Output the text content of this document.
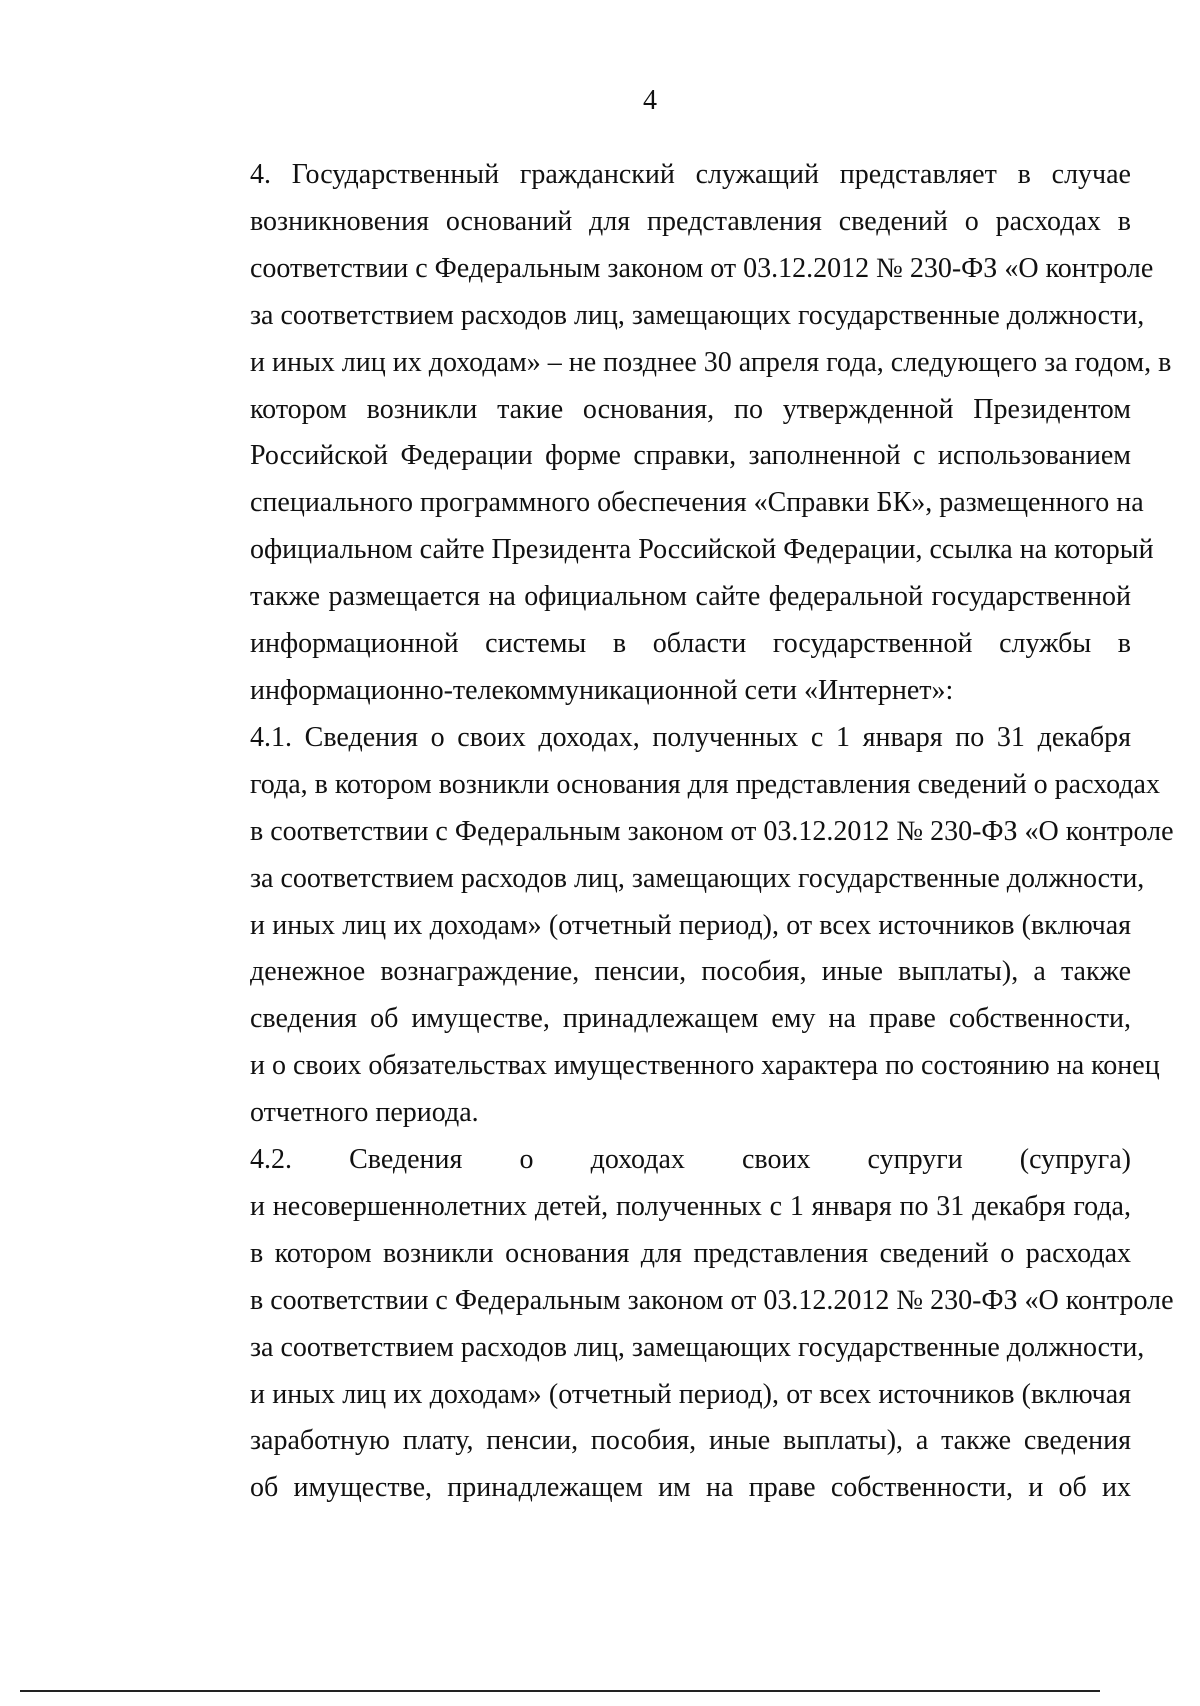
4

4. Государственный гражданский служащий представляет в случае
возникновения оснований для представления сведений о расходах в
соответствии с Федеральным законом от 03.12.2012 № 230-ФЗ «О контроле
за соответствием расходов лиц, замещающих государственные должности,
и иных лиц их доходам» – не позднее 30 апреля года, следующего за годом, в
котором возникли такие основания, по утвержденной Президентом
Российской Федерации форме справки, заполненной с использованием
специального программного обеспечения «Справки БК», размещенного на
официальном сайте Президента Российской Федерации, ссылка на который
также размещается на официальном сайте федеральной государственной
информационной системы в области государственной службы в
информационно-телекоммуникационной сети «Интернет»:

4.1. Сведения о своих доходах, полученных с 1 января по 31 декабря
года, в котором возникли основания для представления сведений о расходах
в соответствии с Федеральным законом от 03.12.2012 № 230-ФЗ «О контроле
за соответствием расходов лиц, замещающих государственные должности,
и иных лиц их доходам» (отчетный период), от всех источников (включая
денежное вознаграждение, пенсии, пособия, иные выплаты), а также
сведения об имуществе, принадлежащем ему на праве собственности,
и о своих обязательствах имущественного характера по состоянию на конец
отчетного периода.

4.2. Сведения о доходах своих супруги (супруга)
и несовершеннолетних детей, полученных с 1 января по 31 декабря года,
в котором возникли основания для представления сведений о расходах
в соответствии с Федеральным законом от 03.12.2012 № 230-ФЗ «О контроле
за соответствием расходов лиц, замещающих государственные должности,
и иных лиц их доходам» (отчетный период), от всех источников (включая
заработную плату, пенсии, пособия, иные выплаты), а также сведения
об имуществе, принадлежащем им на праве собственности, и об их
